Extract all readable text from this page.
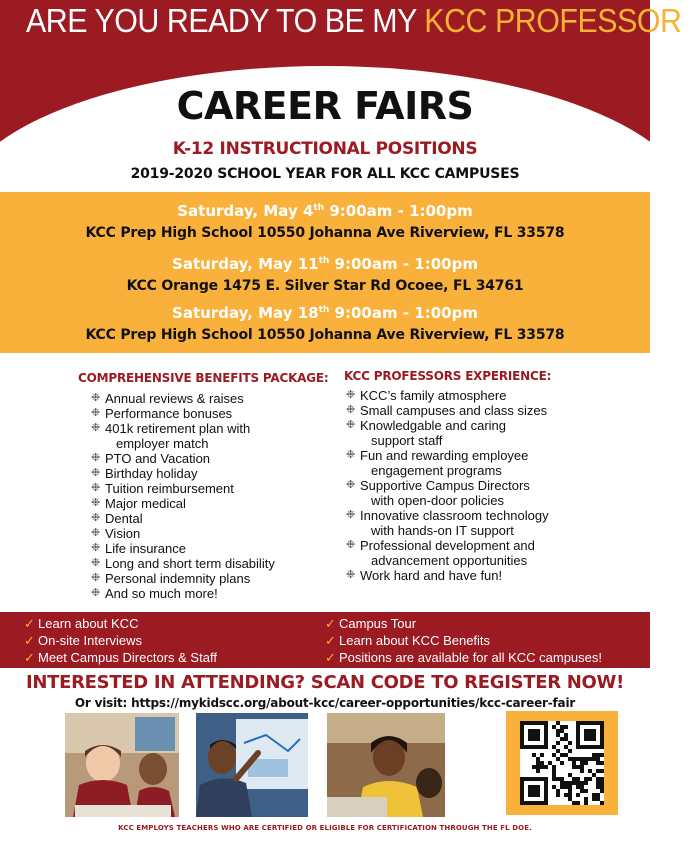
ARE YOU READY TO BE MY KCC PROFESSOR?
CAREER FAIRS
K-12 INSTRUCTIONAL POSITIONS
2019-2020 SCHOOL YEAR FOR ALL KCC CAMPUSES
Saturday, May 4th 9:00am - 1:00pm
KCC Prep High School 10550 Johanna Ave Riverview, FL 33578
Saturday, May 11th 9:00am - 1:00pm
KCC Orange 1475 E. Silver Star Rd Ocoee, FL 34761
Saturday, May 18th 9:00am - 1:00pm
KCC Prep High School 10550 Johanna Ave Riverview, FL 33578
COMPREHENSIVE BENEFITS PACKAGE:
❉ Annual reviews & raises
❉ Performance bonuses
❉ 401k retirement plan with
employer match
❉ PTO and Vacation
❉ Birthday holiday
❉ Tuition reimbursement
❉ Major medical
❉ Dental
❉ Vision
❉ Life insurance
❉ Long and short term disability
❉ Personal indemnity plans
❉ And so much more!
KCC PROFESSORS EXPERIENCE:
❉ KCC’s family atmosphere
❉ Small campuses and class sizes
❉ Knowledgable and caring
support staff
❉ Fun and rewarding employee
engagement programs
❉ Supportive Campus Directors
with open-door policies
❉ Innovative classroom technology
with hands-on IT support
❉ Professional development and
advancement opportunities
❉ Work hard and have fun!
✓ Learn about KCC
✓ On-site Interviews
✓ Meet Campus Directors & Staff
✓ Campus Tour
✓ Learn about KCC Benefits
✓ Positions are available for all KCC campuses!
INTERESTED IN ATTENDING? SCAN CODE TO REGISTER NOW!
Or visit: https://mykidscc.org/about-kcc/career-opportunities/kcc-career-fair
KCC EMPLOYS TEACHERS WHO ARE CERTIFIED OR ELIGIBLE FOR CERTIFICATION THROUGH THE FL DOE.
